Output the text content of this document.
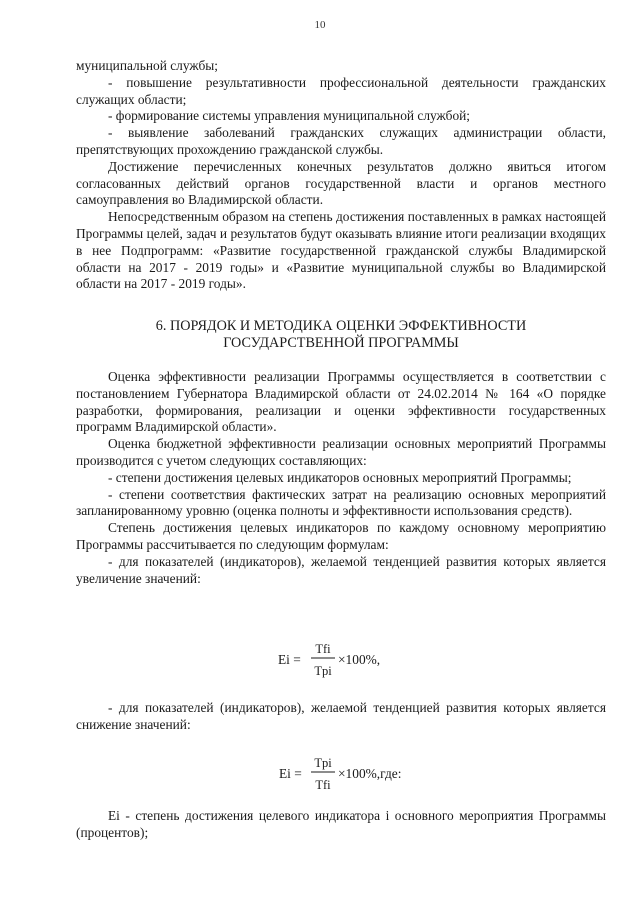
10

муниципальной службы;

- повышение результативности профессиональной деятельности гражданских служащих области;

- формирование системы управления муниципальной службой;

- выявление заболеваний гражданских служащих администрации области, препятствующих прохождению гражданской службы.

Достижение перечисленных конечных результатов должно явиться итогом согласованных действий органов государственной власти и органов местного самоуправления во Владимирской области.

Непосредственным образом на степень достижения поставленных в рамках настоящей Программы целей, задач и результатов будут оказывать влияние итоги реализации входящих в нее Подпрограмм: «Развитие государственной гражданской службы Владимирской области на 2017 - 2019 годы» и «Развитие муниципальной службы во Владимирской области на 2017 - 2019 годы».

6. ПОРЯДОК И МЕТОДИКА ОЦЕНКИ ЭФФЕКТИВНОСТИ
ГОСУДАРСТВЕННОЙ ПРОГРАММЫ

Оценка эффективности реализации Программы осуществляется в соответствии с постановлением Губернатора Владимирской области от 24.02.2014 № 164 «О порядке разработки, формирования, реализации и оценки эффективности государственных программ Владимирской области».

Оценка бюджетной эффективности реализации основных мероприятий Программы производится с учетом следующих составляющих:

- степени достижения целевых индикаторов основных мероприятий Программы;

- степени соответствия фактических затрат на реализацию основных мероприятий запланированному уровню (оценка полноты и эффективности использования средств).

Степень достижения целевых индикаторов по каждому основному мероприятию Программы рассчитывается по следующим формулам:

- для показателей (индикаторов), желаемой тенденцией развития которых является увеличение значений:

Ei =
Tfi
Tpi
×100%,

- для показателей (индикаторов), желаемой тенденцией развития которых является снижение значений:

Ei =
Tpi
Tfi
×100%,где:

Ei - степень достижения целевого индикатора i основного мероприятия Программы (процентов);
